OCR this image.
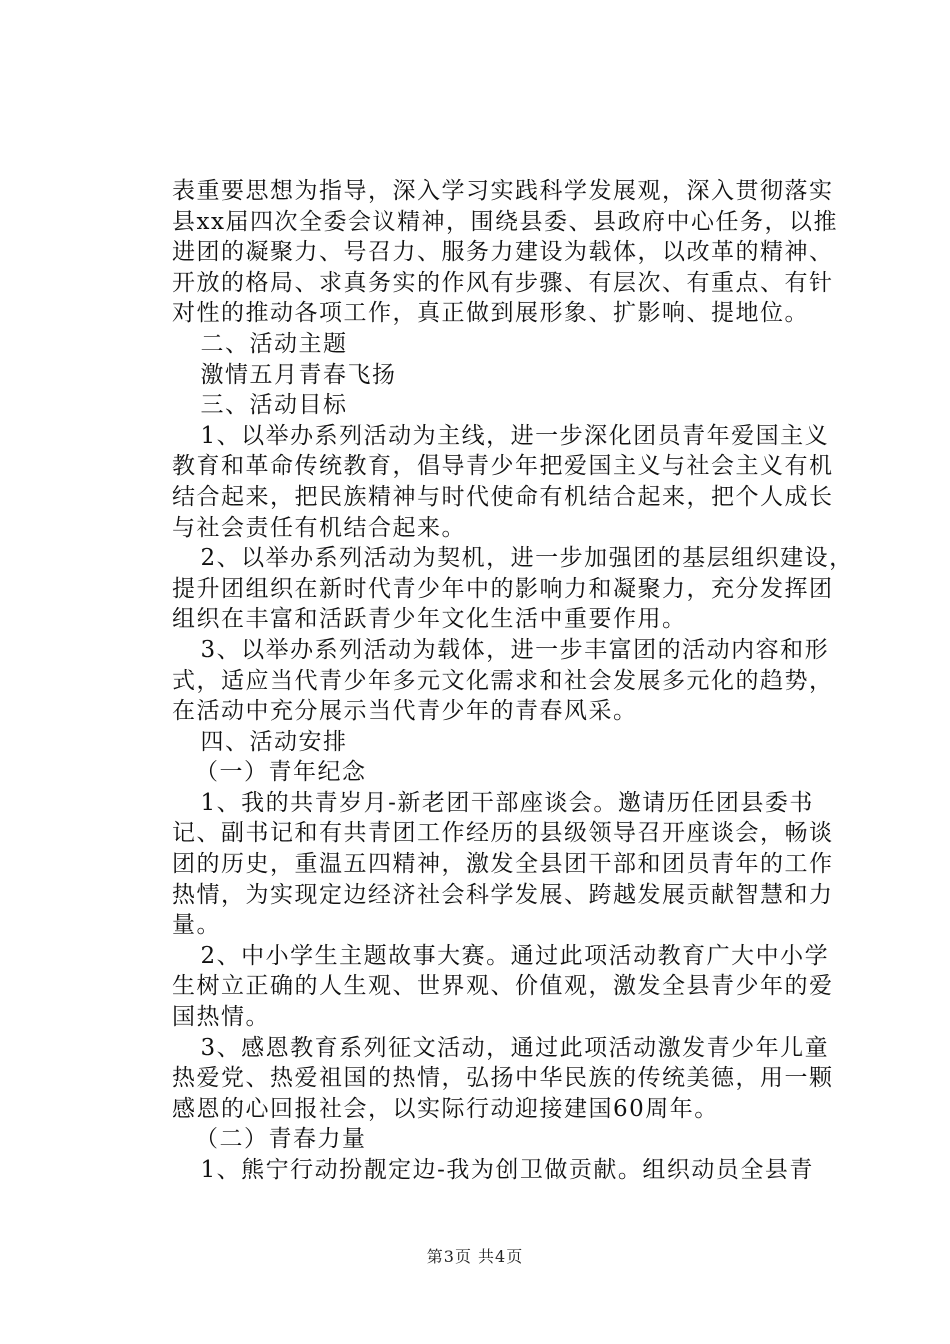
表重要思想为指导，深入学习实践科学发展观，深入贯彻落实
县xx届四次全委会议精神，围绕县委、县政府中心任务，以推
进团的凝聚力、号召力、服务力建设为载体，以改革的精神、
开放的格局、求真务实的作风有步骤、有层次、有重点、有针
对性的推动各项工作，真正做到展形象、扩影响、提地位。
　二、活动主题
　激情五月青春飞扬
　三、活动目标
　1、以举办系列活动为主线，进一步深化团员青年爱国主义
教育和革命传统教育，倡导青少年把爱国主义与社会主义有机
结合起来，把民族精神与时代使命有机结合起来，把个人成长
与社会责任有机结合起来。
　2、以举办系列活动为契机，进一步加强团的基层组织建设，
提升团组织在新时代青少年中的影响力和凝聚力，充分发挥团
组织在丰富和活跃青少年文化生活中重要作用。
　3、以举办系列活动为载体，进一步丰富团的活动内容和形
式，适应当代青少年多元文化需求和社会发展多元化的趋势，
在活动中充分展示当代青少年的青春风采。
　四、活动安排
　（一）青年纪念
　1、我的共青岁月-新老团干部座谈会。邀请历任团县委书
记、副书记和有共青团工作经历的县级领导召开座谈会，畅谈
团的历史，重温五四精神，激发全县团干部和团员青年的工作
热情，为实现定边经济社会科学发展、跨越发展贡献智慧和力
量。
　2、中小学生主题故事大赛。通过此项活动教育广大中小学
生树立正确的人生观、世界观、价值观，激发全县青少年的爱
国热情。
　3、感恩教育系列征文活动，通过此项活动激发青少年儿童
热爱党、热爱祖国的热情，弘扬中华民族的传统美德，用一颗
感恩的心回报社会，以实际行动迎接建国60周年。
　（二）青春力量
　1、熊宁行动扮靓定边-我为创卫做贡献。组织动员全县青
第3页 共4页
